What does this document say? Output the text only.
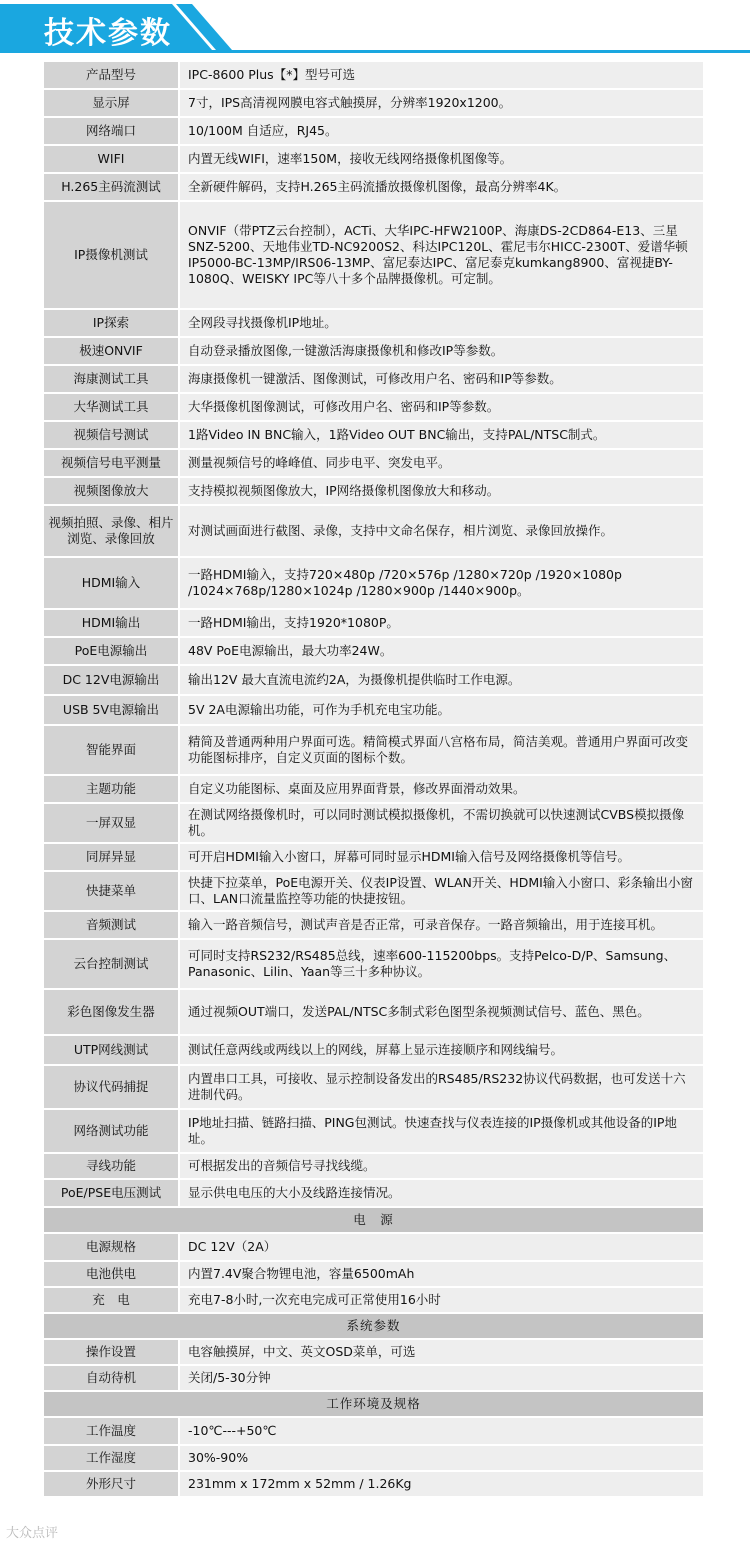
技术参数
产品型号	IPC-8600 Plus【*】型号可选
显示屏	7寸，IPS高清视网膜电容式触摸屏，分辨率1920x1200。
网络端口	10/100M 自适应，RJ45。
WIFI	内置无线WIFI，速率150M，接收无线网络摄像机图像等。
H.265主码流测试	全新硬件解码，支持H.265主码流播放摄像机图像，最高分辨率4K。
IP摄像机测试	ONVIF（带PTZ云台控制），ACTi、大华IPC-HFW2100P、海康DS-2CD864-E13、三星SNZ-5200、天地伟业TD-NC9200S2、科达IPC120L、霍尼韦尔HICC-2300T、爱谱华顿IP5000-BC-13MP/IRS06-13MP、富尼泰达IPC、富尼泰克kumkang8900、富视捷BY-1080Q、WEISKY IPC等八十多个品牌摄像机。可定制。
IP探索	全网段寻找摄像机IP地址。
极速ONVIF	自动登录播放图像,一键激活海康摄像机和修改IP等参数。
海康测试工具	海康摄像机一键激活、图像测试，可修改用户名、密码和IP等参数。
大华测试工具	大华摄像机图像测试，可修改用户名、密码和IP等参数。
视频信号测试	1路Video IN BNC输入，1路Video OUT BNC输出，支持PAL/NTSC制式。
视频信号电平测量	测量视频信号的峰峰值、同步电平、突发电平。
视频图像放大	支持模拟视频图像放大，IP网络摄像机图像放大和移动。
视频拍照、录像、相片浏览、录像回放	对测试画面进行截图、录像，支持中文命名保存，相片浏览、录像回放操作。
HDMI输入	一路HDMI输入，支持720×480p /720×576p /1280×720p /1920×1080p /1024×768p/1280×1024p /1280×900p /1440×900p。
HDMI输出	一路HDMI输出，支持1920*1080P。
PoE电源输出	48V PoE电源输出，最大功率24W。
DC 12V电源输出	输出12V 最大直流电流约2A，为摄像机提供临时工作电源。
USB 5V电源输出	5V 2A电源输出功能，可作为手机充电宝功能。
智能界面	精简及普通两种用户界面可选。精简模式界面八宫格布局，简洁美观。普通用户界面可改变功能图标排序，自定义页面的图标个数。
主题功能	自定义功能图标、桌面及应用界面背景，修改界面滑动效果。
一屏双显	在测试网络摄像机时，可以同时测试模拟摄像机，不需切换就可以快速测试CVBS模拟摄像机。
同屏异显	可开启HDMI输入小窗口，屏幕可同时显示HDMI输入信号及网络摄像机等信号。
快捷菜单	快捷下拉菜单，PoE电源开关、仪表IP设置、WLAN开关、HDMI输入小窗口、彩条输出小窗口、LAN口流量监控等功能的快捷按钮。
音频测试	输入一路音频信号，测试声音是否正常，可录音保存。一路音频输出，用于连接耳机。
云台控制测试	可同时支持RS232/RS485总线，速率600-115200bps。支持Pelco-D/P、Samsung、Panasonic、Lilin、Yaan等三十多种协议。
彩色图像发生器	通过视频OUT端口，发送PAL/NTSC多制式彩色图型条视频测试信号、蓝色、黑色。
UTP网线测试	测试任意两线或两线以上的网线，屏幕上显示连接顺序和网线编号。
协议代码捕捉	内置串口工具，可接收、显示控制设备发出的RS485/RS232协议代码数据，也可发送十六进制代码。
网络测试功能	IP地址扫描、链路扫描、PING包测试。快速查找与仪表连接的IP摄像机或其他设备的IP地址。
寻线功能	可根据发出的音频信号寻找线缆。
PoE/PSE电压测试	显示供电电压的大小及线路连接情况。
电　源	
电源规格	DC 12V（2A）
电池供电	内置7.4V聚合物锂电池，容量6500mAh
充　电	充电7-8小时,一次充电完成可正常使用16小时
系统参数	
操作设置	电容触摸屏，中文、英文OSD菜单，可选
自动待机	关闭/5-30分钟
工作环境及规格	
工作温度	-10℃---+50℃
工作湿度	30%-90%
外形尺寸	231mm x 172mm x 52mm / 1.26Kg
大众点评
